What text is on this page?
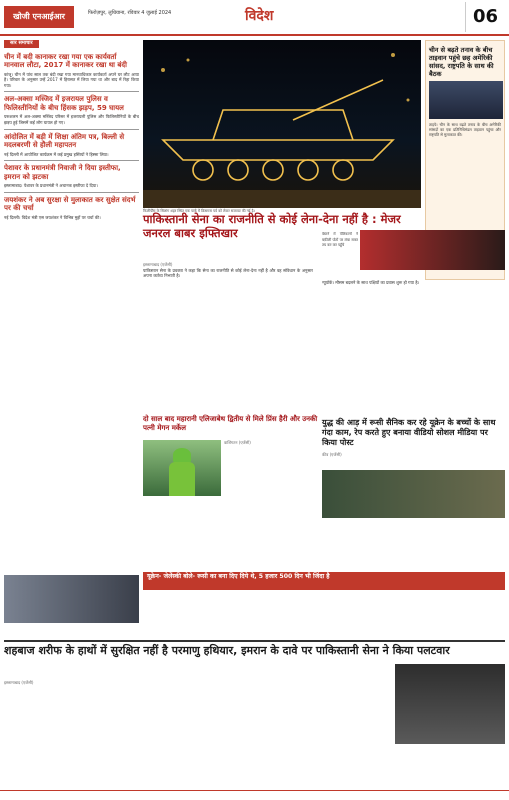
खोजी एनआईआर	फिरोज़पुर, लुधियाना, रविवार 4 जुलाई 2024	विदेश	06
सार समाचार
चीन में बदी कानाकर रखा गया एक कार्यवर्ता मानवाल लौटा, 2017 में कानाकर रखा था बंदी
कांजू। चीन में पांच साल तक बंदी रखा गया मानवाधिकार कार्यकर्ता अपने घर लौट आया है। परिवार के अनुसार उन्हें 2017 में हिरासत में लिया गया था और बाद में रिहा किया गया।
अल-अक्सा मस्जिद में इजरायल पुलिस व फिलिस्तीनियों के बीच हिंसक झड़प, 59 घायल
यरूशलम में अल-अक्सा मस्जिद परिसर में इजरायली पुलिस और फिलिस्तीनियों के बीच झड़प हुई जिसमें कई लोग घायल हो गए।
आंदोलित में बड़ी में शिक्षा अंतिम पत्र, बिल्ली से मदलबरणी से हौली महापतन
नई दिल्ली में आयोजित कार्यक्रम में कई प्रमुख हस्तियों ने हिस्सा लिया।
पेशावर के प्रधानमंत्री निवाजी ने दिया इस्तीफा, इमरान को झटका
इस्लामाबाद। पेशावर के प्रधानमंत्री ने अचानक इस्तीफा दे दिया।
जयशंकर ने अब सुरक्षा से मुलाकात कर सुक्षेत संदर्भ पर की चर्चा
नई दिल्ली। विदेश मंत्री एस जयशंकर ने विभिन्न मुद्दों पर चर्चा की।
फिलीपींस के सिलांग शहर स्थित एक पार्क में क्रिसमस पर्व को लेकर सजावट की गई है।
चीन से बढ़ते तनाव के बीच ताइवान पहुंचे छह अमेरिकी सांसद, राष्ट्रपति के साथ की बैठक
ताइपे। चीन के साथ बढ़ते तनाव के बीच अमेरिकी सांसदों का एक प्रतिनिधिमंडल ताइवान पहुंचा और राष्ट्रपति से मुलाकात की।
पाकिस्तानी सेना का राजनीति से कोई लेना-देना नहीं है : मेजर जनरल बाबर इफ्तिखार
इस्लामाबाद (एजेंसी)
पाकिस्तान सेना के प्रवक्ता ने कहा कि सेना का राजनीति से कोई लेना-देना नहीं है और वह संविधान के अनुसार अपना कर्तव्य निभाती है।
वेस्टर्न में पेलिकानों ने बफ़ीली पोटों पर लंबा सफर तय कर कर पहुँचे
न्यूयॉर्क। मौसम बदलने के साथ पक्षियों का प्रवास शुरू हो गया है।
दो साल बाद महारानी एलिजाबेथ द्वितीय से मिले प्रिंस हैरी और उनकी पत्नी मेगन मर्केल
वाशिंगटन (एजेंसी)
युद्ध की आड़ में रूसी सैनिक कर रहे यूक्रेन के बच्चों के साथ गंदा काम, रेप करते हुए बनाया वीडियो सोशल मीडिया पर किया पोस्ट
कीव (एजेंसी)
यूक्रेन- जेलेंस्की बोले- रूसी का बना दिए दिये थे, 5 हजार 500 दिन भी जिंदा है
शहबाज शरीफ के हाथों में सुरक्षित नहीं है परमाणु हथियार, इमरान के दावे पर पाकिस्तानी सेना ने किया पलटवार
इस्लामाबाद (एजेंसी)
